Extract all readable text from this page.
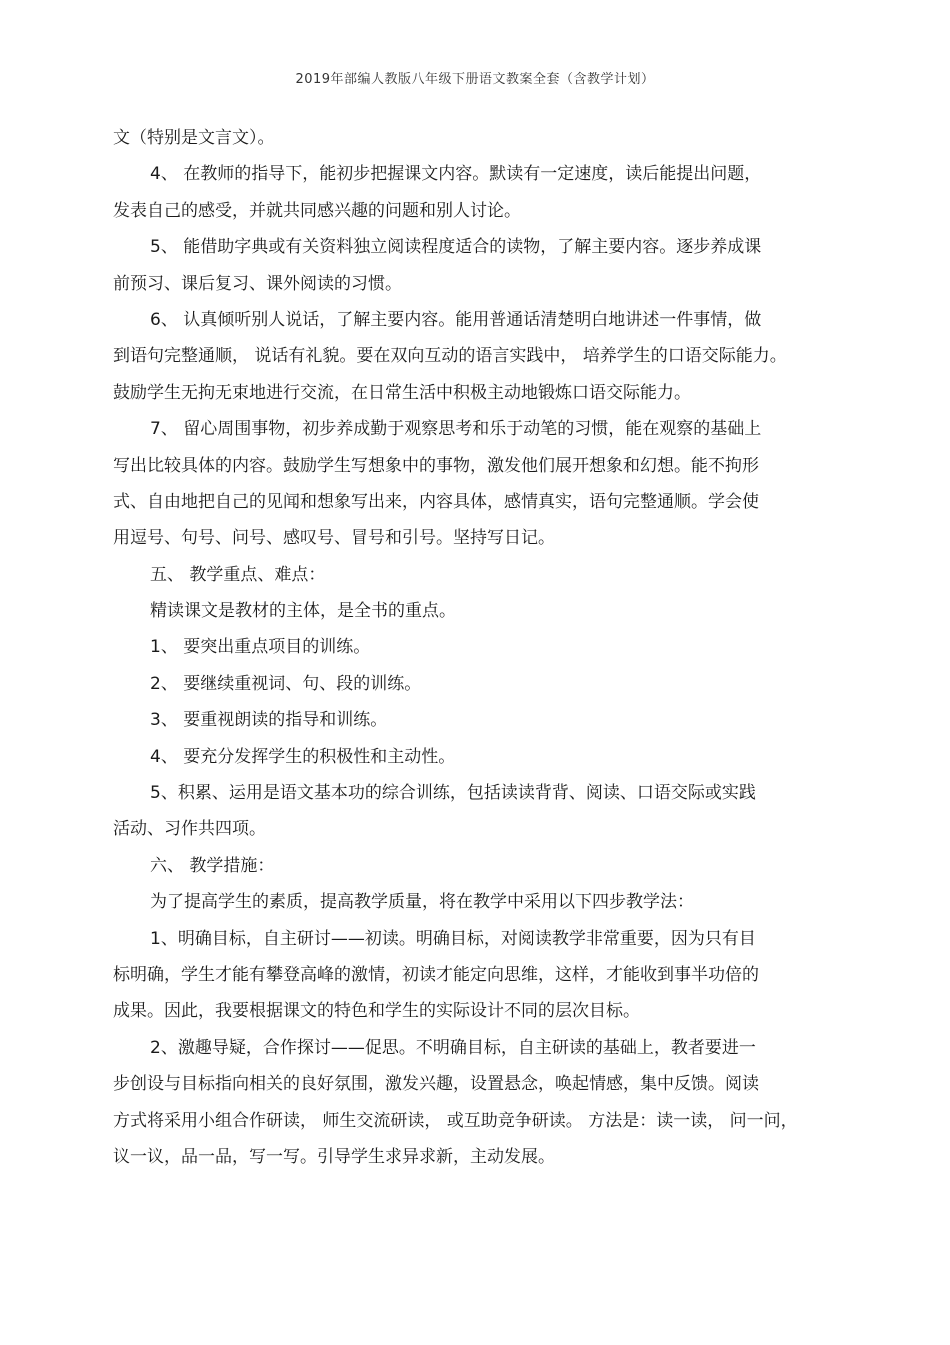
2019年部编人教版八年级下册语文教案全套（含教学计划）
文（特别是文言文）。
4、 在教师的指导下，能初步把握课文内容。默读有一定速度，读后能提出问题，
发表自己的感受，并就共同感兴趣的问题和别人讨论。
5、 能借助字典或有关资料独立阅读程度适合的读物，了解主要内容。逐步养成课
前预习、课后复习、课外阅读的习惯。
6、 认真倾听别人说话，了解主要内容。能用普通话清楚明白地讲述一件事情，做
到语句完整通顺， 说话有礼貌。要在双向互动的语言实践中， 培养学生的口语交际能力。
鼓励学生无拘无束地进行交流，在日常生活中积极主动地锻炼口语交际能力。
7、 留心周围事物，初步养成勤于观察思考和乐于动笔的习惯，能在观察的基础上
写出比较具体的内容。鼓励学生写想象中的事物，激发他们展开想象和幻想。能不拘形
式、自由地把自己的见闻和想象写出来，内容具体，感情真实，语句完整通顺。学会使
用逗号、句号、问号、感叹号、冒号和引号。坚持写日记。
五、 教学重点、难点：
精读课文是教材的主体，是全书的重点。
1、 要突出重点项目的训练。
2、 要继续重视词、句、段的训练。
3、 要重视朗读的指导和训练。
4、 要充分发挥学生的积极性和主动性。
5、积累、运用是语文基本功的综合训练，包括读读背背、阅读、口语交际或实践
活动、习作共四项。
六、 教学措施：
为了提高学生的素质，提高教学质量，将在教学中采用以下四步教学法：
1、明确目标，自主研讨——初读。明确目标，对阅读教学非常重要，因为只有目
标明确，学生才能有攀登高峰的激情，初读才能定向思维，这样，才能收到事半功倍的
成果。因此，我要根据课文的特色和学生的实际设计不同的层次目标。
2、激趣导疑，合作探讨——促思。不明确目标，自主研读的基础上，教者要进一
步创设与目标指向相关的良好氛围，激发兴趣，设置悬念，唤起情感，集中反馈。阅读
方式将采用小组合作研读， 师生交流研读， 或互助竞争研读。 方法是：读一读， 问一问，
议一议，品一品，写一写。引导学生求异求新，主动发展。
